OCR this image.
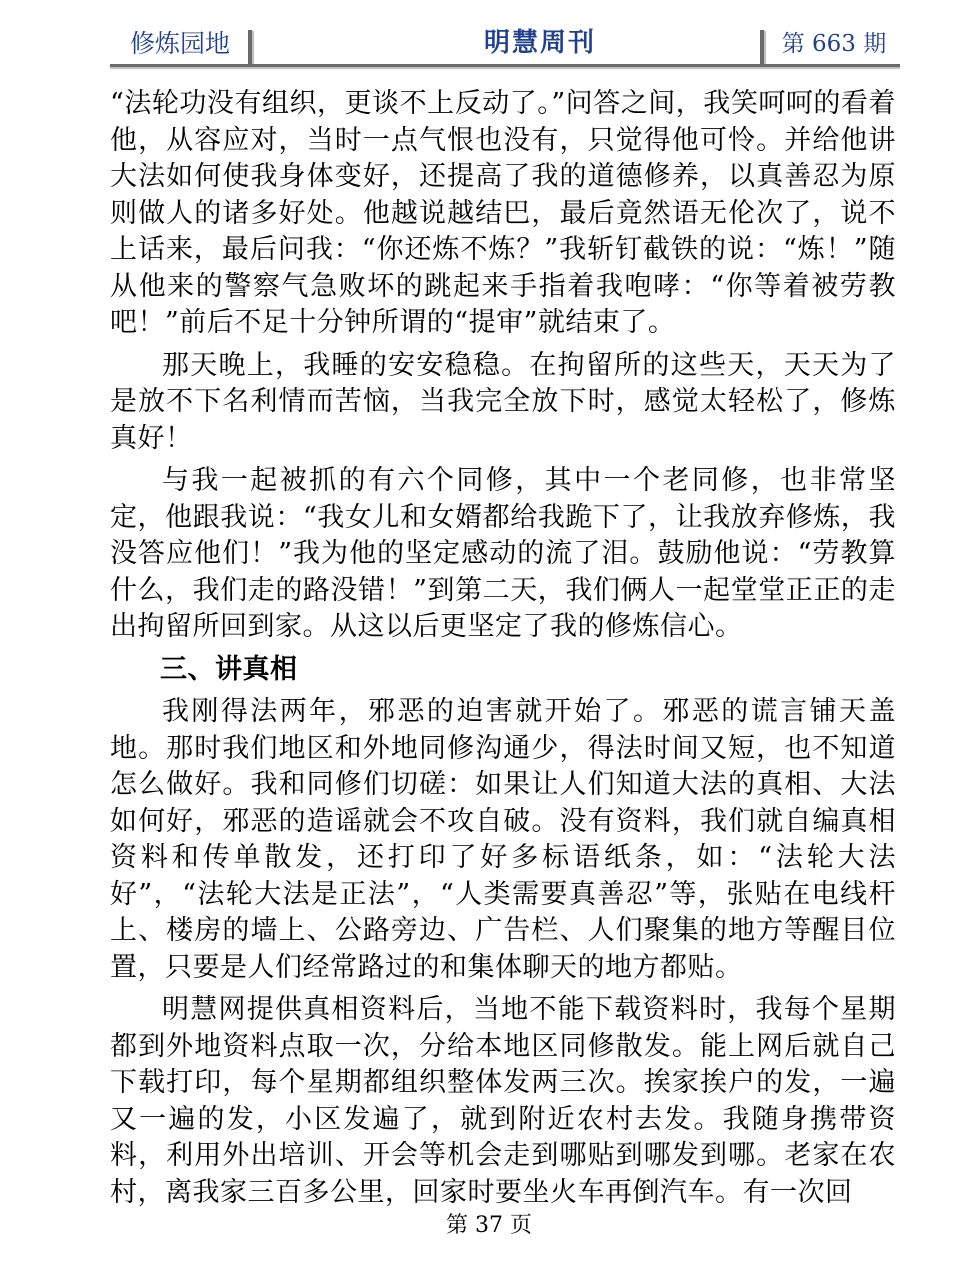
修炼园地	明慧周刊	第 663 期

“法轮功没有组织，更谈不上反动了。”问答之间，我笑呵呵的看着他，从容应对，当时一点气恨也没有，只觉得他可怜。并给他讲大法如何使我身体变好，还提高了我的道德修养，以真善忍为原则做人的诸多好处。他越说越结巴，最后竟然语无伦次了，说不上话来，最后问我：“你还炼不炼？”我斩钉截铁的说：“炼！”随从他来的警察气急败坏的跳起来手指着我咆哮：“你等着被劳教吧！”前后不足十分钟所谓的“提审”就结束了。

那天晚上，我睡的安安稳稳。在拘留所的这些天，天天为了是放不下名利情而苦恼，当我完全放下时，感觉太轻松了，修炼真好！

与我一起被抓的有六个同修，其中一个老同修，也非常坚定，他跟我说：“我女儿和女婿都给我跪下了，让我放弃修炼，我没答应他们！”我为他的坚定感动的流了泪。鼓励他说：“劳教算什么，我们走的路没错！”到第二天，我们俩人一起堂堂正正的走出拘留所回到家。从这以后更坚定了我的修炼信心。

三、讲真相

我刚得法两年，邪恶的迫害就开始了。邪恶的谎言铺天盖地。那时我们地区和外地同修沟通少，得法时间又短，也不知道怎么做好。我和同修们切磋：如果让人们知道大法的真相、大法如何好，邪恶的造谣就会不攻自破。没有资料，我们就自编真相资料和传单散发，还打印了好多标语纸条，如：“法轮大法好”，“法轮大法是正法”，“人类需要真善忍”等，张贴在电线杆上、楼房的墙上、公路旁边、广告栏、人们聚集的地方等醒目位置，只要是人们经常路过的和集体聊天的地方都贴。

明慧网提供真相资料后，当地不能下载资料时，我每个星期都到外地资料点取一次，分给本地区同修散发。能上网后就自己下载打印，每个星期都组织整体发两三次。挨家挨户的发，一遍又一遍的发，小区发遍了，就到附近农村去发。我随身携带资料，利用外出培训、开会等机会走到哪贴到哪发到哪。老家在农村，离我家三百多公里，回家时要坐火车再倒汽车。有一次回

第 37 页
